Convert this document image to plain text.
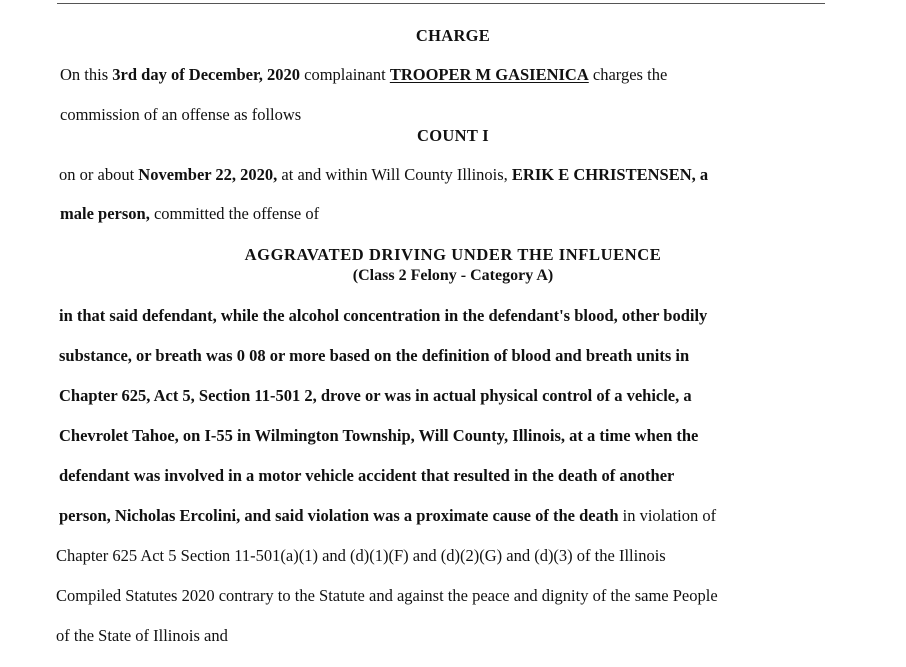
CHARGE
On this 3rd day of December, 2020 complainant TROOPER M GASIENICA charges the
commission of an offense as follows
COUNT I
on or about November 22, 2020, at and within Will County Illinois, ERIK E CHRISTENSEN, a
male person, committed the offense of
AGGRAVATED DRIVING UNDER THE INFLUENCE
(Class 2 Felony - Category A)
in that said defendant, while the alcohol concentration in the defendant's blood, other bodily
substance, or breath was 0 08 or more based on the definition of blood and breath units in
Chapter 625, Act 5, Section 11-501 2, drove or was in actual physical control of a vehicle, a
Chevrolet Tahoe, on I-55 in Wilmington Township, Will County, Illinois, at a time when the
defendant was involved in a motor vehicle accident that resulted in the death of another
person, Nicholas Ercolini, and said violation was a proximate cause of the death in violation of
Chapter 625 Act 5 Section 11-501(a)(1) and (d)(1)(F) and (d)(2)(G) and (d)(3) of the Illinois
Compiled Statutes 2020 contrary to the Statute and against the peace and dignity of the same People
of the State of Illinois and
